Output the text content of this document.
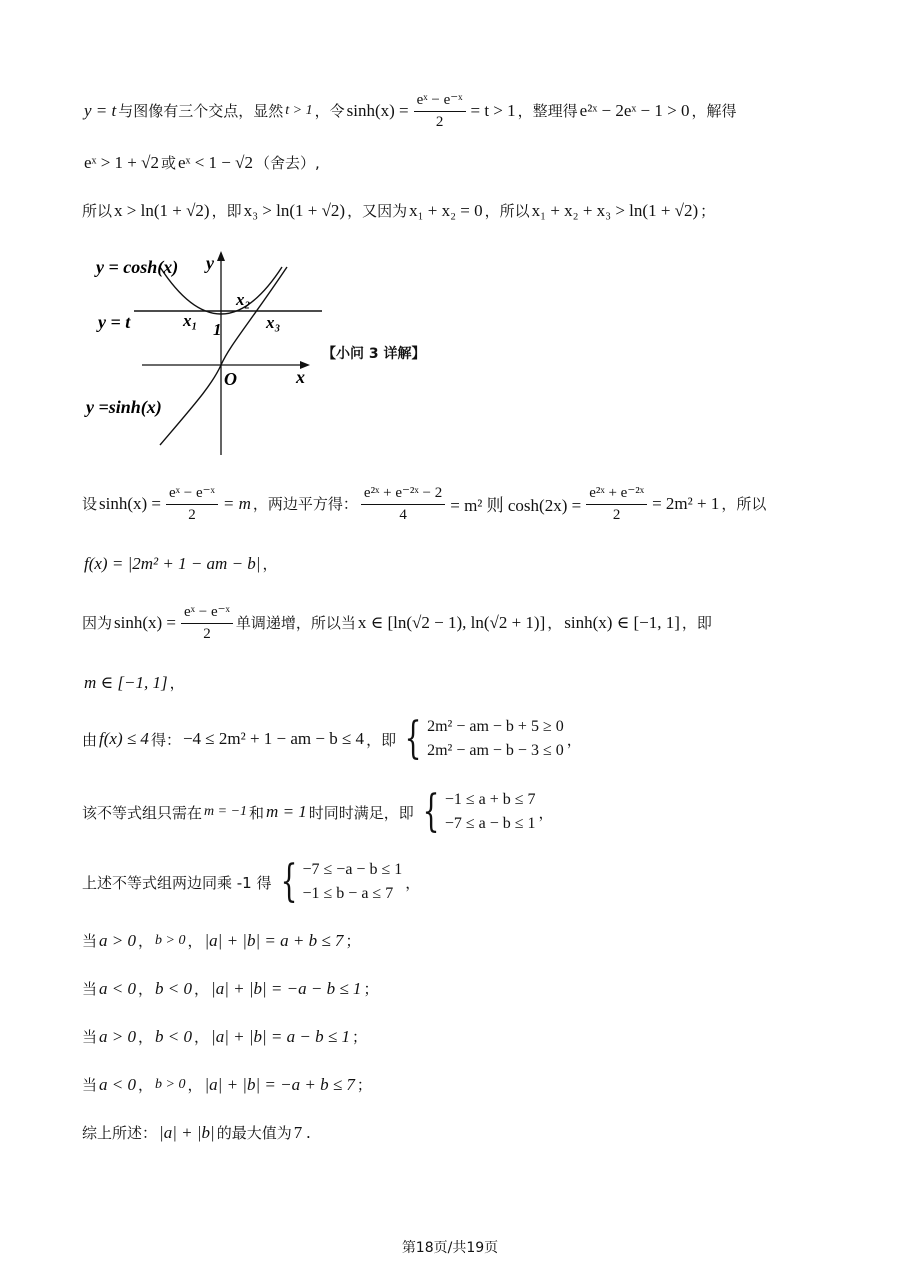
y = t 与图像有三个交点，显然 t > 1 ，令 $\sinh(x) = \frac{\text{eˣ − e⁻ˣ}}{2} = t > 1$ ，整理得 e²ˣ − 2eˣ − 1 > 0 ，解得
eˣ > 1 + √2 或 eˣ < 1 − √2 （舍去）,
所以 x > ln(1 + √2) ，即 x₃ > ln(1 + √2) ，又因为 x₁ + x₂ = 0 ，所以 x₁ + x₂ + x₃ > ln(1 + √2) ；
y = cosh(x)
y = t
y =sinh(x)
y
x
O
1
x₁
x₂
x₃
【小问 3 详解】
设 $\sinh(x) = \frac{\text{eˣ − e⁻ˣ}}{2} = m$ ，两边平方得： $\frac{\text{e²ˣ + e⁻²ˣ − 2}}{4} = m^2$ 则 $\cosh(2x) = \frac{\text{e²ˣ + e⁻²ˣ}}{2} = 2m^2 + 1$ ，所以
f(x) = |2m² + 1 − am − b| ，
因为 $\sinh(x) = \frac{\text{eˣ − e⁻ˣ}}{2}$ 单调递增，所以当 x ∈ [ln(√2 − 1), ln(√2 + 1)] ， sinh(x) ∈ [−1, 1] ，即
m ∈ [−1, 1] ，
由 f(x) ≤ 4 得： −4 ≤ 2m² + 1 − am − b ≤ 4 ，即 { 2m² − am − b + 5 ≥ 0
2m² − am − b − 3 ≤ 0
，
该不等式组只需在 m = −1 和 m = 1 时同时满足，即 { −1 ≤ a + b ≤ 7
−7 ≤ a − b ≤ 1
，
上述不等式组两边同乘 -1 得 { −7 ≤ −a − b ≤ 1
−1 ≤ b − a ≤ 7
，
当 a > 0 ， b > 0 ， |a| + |b| = a + b ≤ 7 ；
当 a < 0 ， b < 0 ， |a| + |b| = −a − b ≤ 1 ；
当 a > 0 ， b < 0 ， |a| + |b| = a − b ≤ 1 ；
当 a < 0 ， b > 0 ， |a| + |b| = −a + b ≤ 7 ；
综上所述： |a| + |b| 的最大值为 7 .
第18页/共19页
